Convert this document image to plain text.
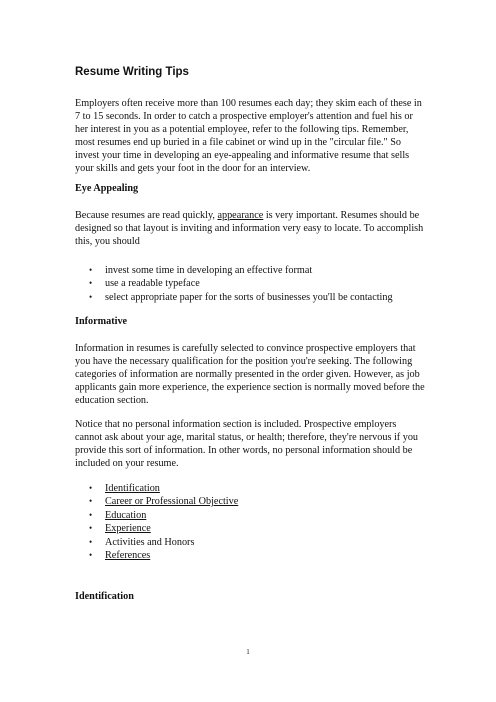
Resume Writing Tips

Employers often receive more than 100 resumes each day; they skim each of these in 7 to 15 seconds. In order to catch a prospective employer's attention and fuel his or her interest in you as a potential employee, refer to the following tips. Remember, most resumes end up buried in a file cabinet or wind up in the "circular file." So invest your time in developing an eye-appealing and informative resume that sells your skills and gets your foot in the door for an interview.

Eye Appealing

Because resumes are read quickly, appearance is very important. Resumes should be designed so that layout is inviting and information very easy to locate. To accomplish this, you should

• invest some time in developing an effective format
• use a readable typeface
• select appropriate paper for the sorts of businesses you'll be contacting
Informative

Information in resumes is carefully selected to convince prospective employers that you have the necessary qualification for the position you're seeking. The following categories of information are normally presented in the order given. However, as job applicants gain more experience, the experience section is normally moved before the education section.

Notice that no personal information section is included. Prospective employers cannot ask about your age, marital status, or health; therefore, they're nervous if you provide this sort of information. In other words, no personal information should be included on your resume.

• Identification
• Career or Professional Objective
• Education
• Experience
• Activities and Honors
• References
Identification
1
